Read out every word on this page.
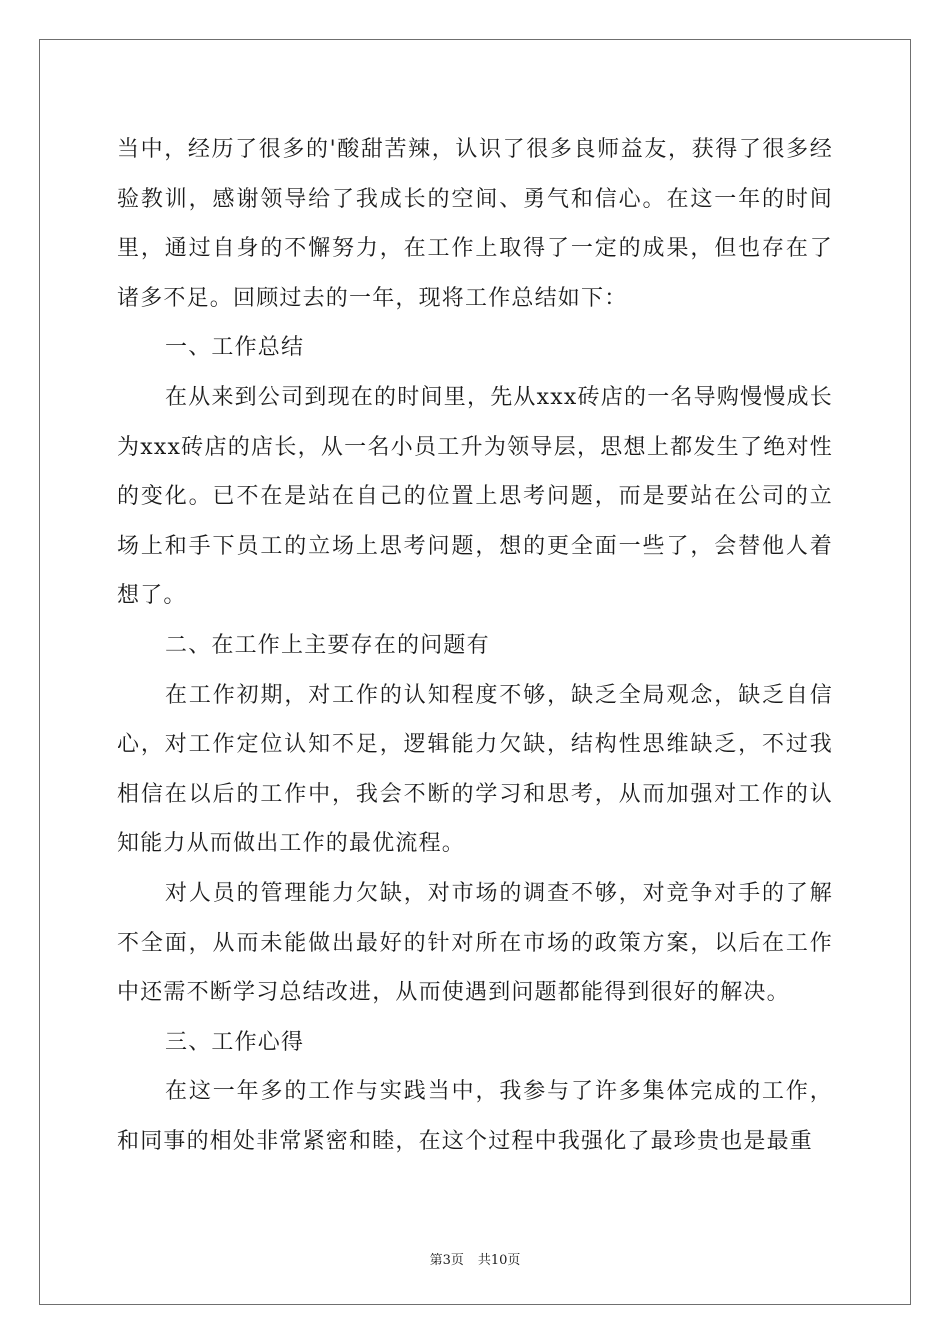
当中，经历了很多的'酸甜苦辣，认识了很多良师益友，获得了很多经验教训，感谢领导给了我成长的空间、勇气和信心。在这一年的时间里，通过自身的不懈努力，在工作上取得了一定的成果，但也存在了诸多不足。回顾过去的一年，现将工作总结如下：

一、工作总结

在从来到公司到现在的时间里，先从xxx砖店的一名导购慢慢成长为xxx砖店的店长，从一名小员工升为领导层，思想上都发生了绝对性的变化。已不在是站在自己的位置上思考问题，而是要站在公司的立场上和手下员工的立场上思考问题，想的更全面一些了，会替他人着想了。

二、在工作上主要存在的问题有

在工作初期，对工作的认知程度不够，缺乏全局观念，缺乏自信心，对工作定位认知不足，逻辑能力欠缺，结构性思维缺乏，不过我相信在以后的工作中，我会不断的学习和思考，从而加强对工作的认知能力从而做出工作的最优流程。

对人员的管理能力欠缺，对市场的调查不够，对竞争对手的了解不全面，从而未能做出最好的针对所在市场的政策方案，以后在工作中还需不断学习总结改进，从而使遇到问题都能得到很好的解决。

三、工作心得

在这一年多的工作与实践当中，我参与了许多集体完成的工作，和同事的相处非常紧密和睦，在这个过程中我强化了最珍贵也是最重

第3页 共10页
